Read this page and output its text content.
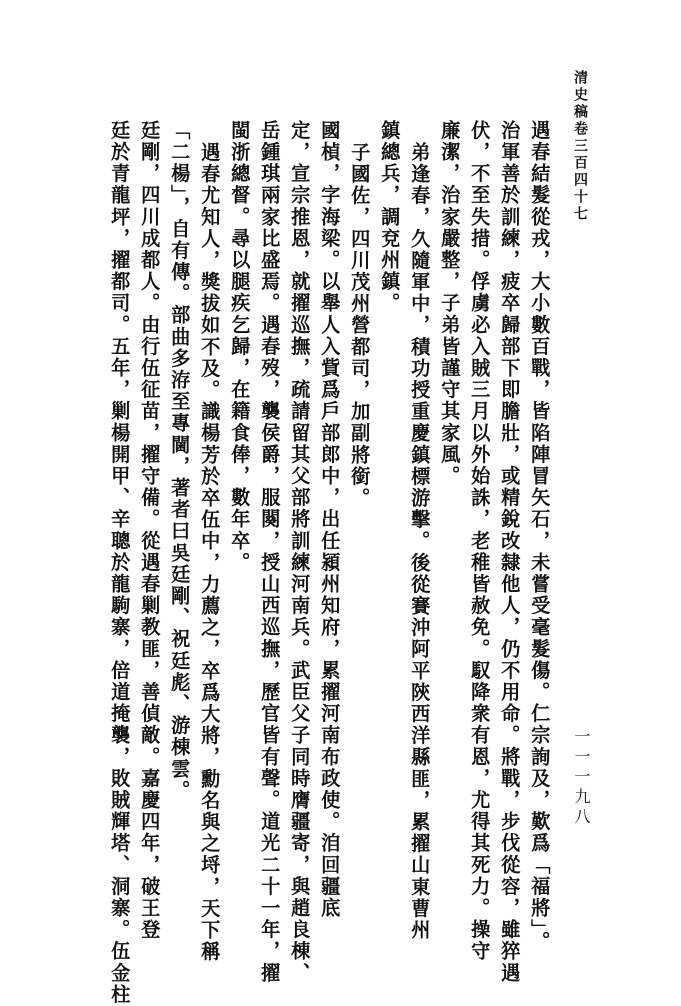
清史稿卷三百四十七
一一一九八
遇春結髮從戎，大小數百戰，皆陷陣冒矢石，未嘗受毫髮傷。仁宗詢及，歎爲「福將」。
治軍善於訓練，疲卒歸部下即膽壯，或精銳改隸他人，仍不用命。將戰，步伐從容，雖猝遇
伏，不至失措。俘虜必入賊三月以外始誅，老稚皆赦免。馭降衆有恩，尤得其死力。操守
廉潔，治家嚴整，子弟皆謹守其家風。
弟逢春，久隨軍中，積功授重慶鎮標游擊。後從賽沖阿平陝西洋縣匪，累擢山東曹州
鎮總兵，調兗州鎮。
子國佐，四川茂州營都司，加副將銜。
國楨，字海梁。以舉人入貲爲戶部郎中，出任潁州知府，累擢河南布政使。洎回疆底
定，宣宗推恩，就擢巡撫，疏請留其父部將訓練河南兵。武臣父子同時膺疆寄，與趙良棟、
岳鍾琪兩家比盛焉。遇春歿，襲侯爵，服闋，授山西巡撫，歷官皆有聲。道光二十一年，擢
閩浙總督。尋以腿疾乞歸，在籍食俸，數年卒。
遇春尤知人，獎拔如不及。識楊芳於卒伍中，力薦之，卒爲大將，勳名與之埒，天下稱
「二楊」，自有傳。部曲多洊至專閫，著者曰吳廷剛、祝廷彪、游棟雲。
廷剛，四川成都人。由行伍征苗，擢守備。從遇春剿教匪，善偵敵。嘉慶四年，破王登
廷於青龍坪，擢都司。五年，剿楊開甲、辛聰於龍駒寨，倍道掩襲，敗賊輝塔、洞寨。伍金柱
